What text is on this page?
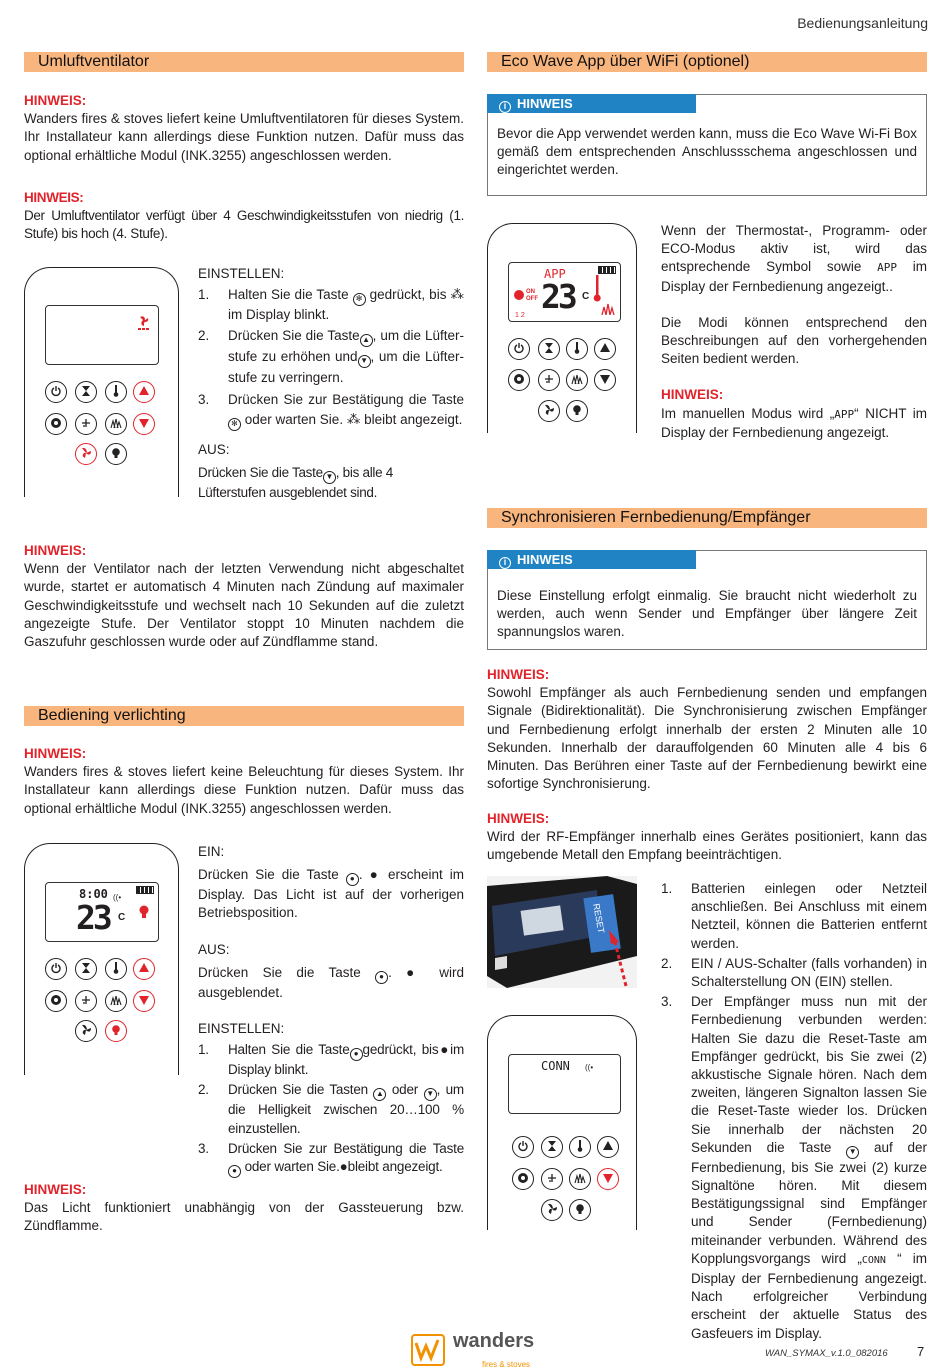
Bedienungsanleitung
Umluftventilator
HINWEIS:
Wanders fires & stoves liefert keine Umluftventilatoren für dieses System. Ihr Installateur kann allerdings diese Funktion nutzen. Dafür muss das optional erhältliche Modul (INK.3255) angeschlossen werden.
HINWEIS:
Der Umluftventilator verfügt über 4 Geschwindigkeitsstufen von niedrig (1. Stufe) bis hoch (4. Stufe).
EINSTELLEN:
1. Halten Sie die Taste ✻ gedrückt, bis ⁂ im Display blinkt.
2. Drücken Sie die Taste ▲ , um die Lüfter-stufe zu erhöhen und ▼ , um die Lüfter-stufe zu verringern.
3. Drücken Sie zur Bestätigung die Taste ✻ oder warten Sie. ⁂ bleibt angezeigt.
AUS:
Drücken Sie die Taste ▼ , bis alle 4 Lüfterstufen ausgeblendet sind.
HINWEIS:
Wenn der Ventilator nach der letzten Verwendung nicht abgeschaltet wurde, startet er automatisch 4 Minuten nach Zündung auf maximaler Geschwindigkeitsstufe und wechselt nach 10 Sekunden auf die zuletzt angezeigte Stufe. Der Ventilator stoppt 10 Minuten nachdem die Gaszufuhr geschlossen wurde oder auf Zündflamme stand.
Bediening verlichting
HINWEIS:
Wanders fires & stoves liefert keine Beleuchtung für dieses System. Ihr Installateur kann allerdings diese Funktion nutzen. Dafür muss das optional erhältliche Modul (INK.3255) angeschlossen werden.
8:00 ((•
23 C
EIN:
Drücken Sie die Taste ● . ● erscheint im Display. Das Licht ist auf der vorherigen Betriebsposition.
AUS:
Drücken Sie die Taste ● . ● wird ausgeblendet.
EINSTELLEN:
1. Halten Sie die Taste ● gedrückt, bis●im Display blinkt.
2. Drücken Sie die Tasten ▲ oder ▼ , um die Helligkeit zwischen 20…100 % einzustellen.
3. Drücken Sie zur Bestätigung die Taste ● oder warten Sie.●bleibt angezeigt.
HINWEIS:
Das Licht funktioniert unabhängig von der Gassteuerung bzw. Zündflamme.
Eco Wave App über WiFi (optionel)
i HINWEIS
Bevor die App verwendet werden kann, muss die Eco Wave Wi-Fi Box gemäß dem entsprechenden Anschlussschema angeschlossen und eingerichtet werden.
APP
ON
OFF
1 2 23 C
Wenn der Thermostat-, Programm- oder ECO-Modus aktiv ist, wird das entsprechende Symbol sowie APP im Display der Fernbedienung angezeigt..
Die Modi können entsprechend den Beschreibungen auf den vorhergehenden Seiten bedient werden.
HINWEIS:
Im manuellen Modus wird „APP“ NICHT im Display der Fernbedienung angezeigt.
Synchronisieren Fernbedienung/Empfänger
i HINWEIS
Diese Einstellung erfolgt einmalig. Sie braucht nicht wiederholt zu werden, auch wenn Sender und Empfänger über längere Zeit spannungslos waren.
HINWEIS:
Sowohl Empfänger als auch Fernbedienung senden und empfangen Signale (Bidirektionalität). Die Synchronisierung zwischen Empfänger und Fernbedienung erfolgt innerhalb der ersten 2 Minuten alle 10 Sekunden. Innerhalb der darauffolgenden 60 Minuten alle 4 bis 6 Minuten. Das Berühren einer Taste auf der Fernbedienung bewirkt eine sofortige Synchronisierung.
HINWEIS:
Wird der RF-Empfänger innerhalb eines Gerätes positioniert, kann das umgebende Metall den Empfang beeinträchtigen.
RESET
CONN ((•
1. Batterien einlegen oder Netzteil anschließen. Bei Anschluss mit einem Netzteil, können die Batterien entfernt werden.
2. EIN / AUS-Schalter (falls vorhanden) in Schalterstellung ON (EIN) stellen.
3. Der Empfänger muss nun mit der Fernbedienung verbunden werden: Halten Sie dazu die Reset-Taste am Empfänger gedrückt, bis Sie zwei (2) akkustische Signale hören. Nach dem zweiten, längeren Signalton lassen Sie die Reset-Taste wieder los. Drücken Sie innerhalb der nächsten 20 Sekunden die Taste ▼ auf der Fernbedienung, bis Sie zwei (2) kurze Signaltöne hören. Mit diesem Bestätigungssignal sind Empfänger und Sender (Fernbedienung) miteinander verbunden. Während des Kopplungsvorgangs wird „CONN “ im Display der Fernbedienung angezeigt. Nach erfolgreicher Verbindung erscheint der aktuelle Status des Gasfeuers im Display.
wanders
fires & stoves
WAN_SYMAX_v.1.0_082016 7
